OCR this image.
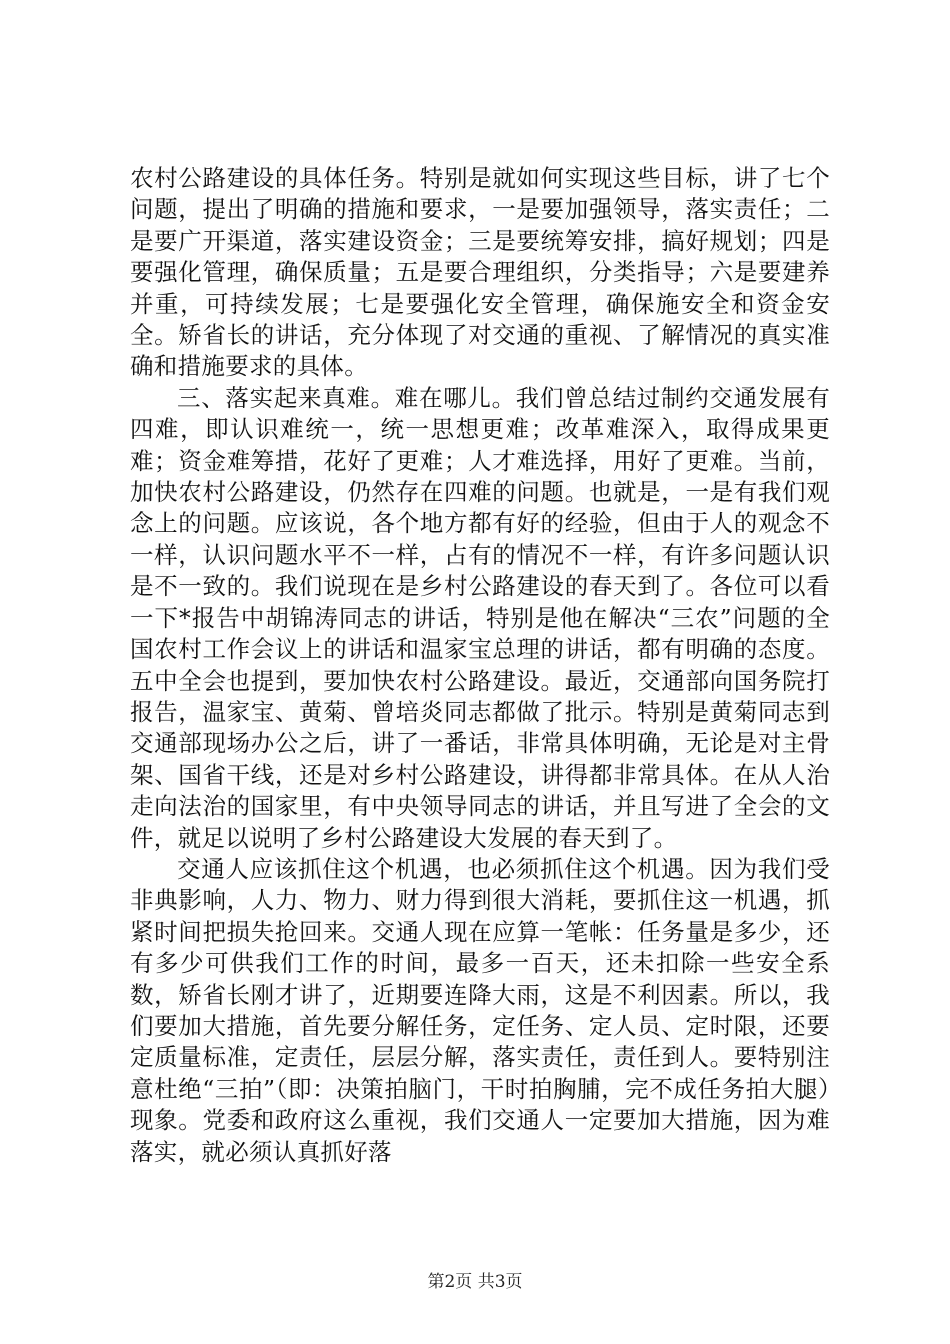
农村公路建设的具体任务。特别是就如何实现这些目标，讲了七个问题，提出了明确的措施和要求，一是要加强领导，落实责任；二是要广开渠道，落实建设资金；三是要统筹安排，搞好规划；四是要强化管理，确保质量；五是要合理组织，分类指导；六是要建养并重，可持续发展；七是要强化安全管理，确保施安全和资金安全。矫省长的讲话，充分体现了对交通的重视、了解情况的真实准确和措施要求的具体。

三、落实起来真难。难在哪儿。我们曾总结过制约交通发展有四难，即认识难统一，统一思想更难；改革难深入，取得成果更难；资金难筹措，花好了更难；人才难选择，用好了更难。当前，加快农村公路建设，仍然存在四难的问题。也就是，一是有我们观念上的问题。应该说，各个地方都有好的经验，但由于人的观念不一样，认识问题水平不一样，占有的情况不一样，有许多问题认识是不一致的。我们说现在是乡村公路建设的春天到了。各位可以看一下*报告中胡锦涛同志的讲话，特别是他在解决“三农”问题的全国农村工作会议上的讲话和温家宝总理的讲话，都有明确的态度。五中全会也提到，要加快农村公路建设。最近，交通部向国务院打报告，温家宝、黄菊、曾培炎同志都做了批示。特别是黄菊同志到交通部现场办公之后，讲了一番话，非常具体明确，无论是对主骨架、国省干线，还是对乡村公路建设，讲得都非常具体。在从人治走向法治的国家里，有中央领导同志的讲话，并且写进了全会的文件，就足以说明了乡村公路建设大发展的春天到了。

交通人应该抓住这个机遇，也必须抓住这个机遇。因为我们受非典影响，人力、物力、财力得到很大消耗，要抓住这一机遇，抓紧时间把损失抢回来。交通人现在应算一笔帐：任务量是多少，还有多少可供我们工作的时间，最多一百天，还未扣除一些安全系数，矫省长刚才讲了，近期要连降大雨，这是不利因素。所以，我们要加大措施，首先要分解任务，定任务、定人员、定时限，还要定质量标准，定责任，层层分解，落实责任，责任到人。要特别注意杜绝“三拍”（即：决策拍脑门，干时拍胸脯，完不成任务拍大腿）现象。党委和政府这么重视，我们交通人一定要加大措施，因为难落实，就必须认真抓好落

第2页 共3页
